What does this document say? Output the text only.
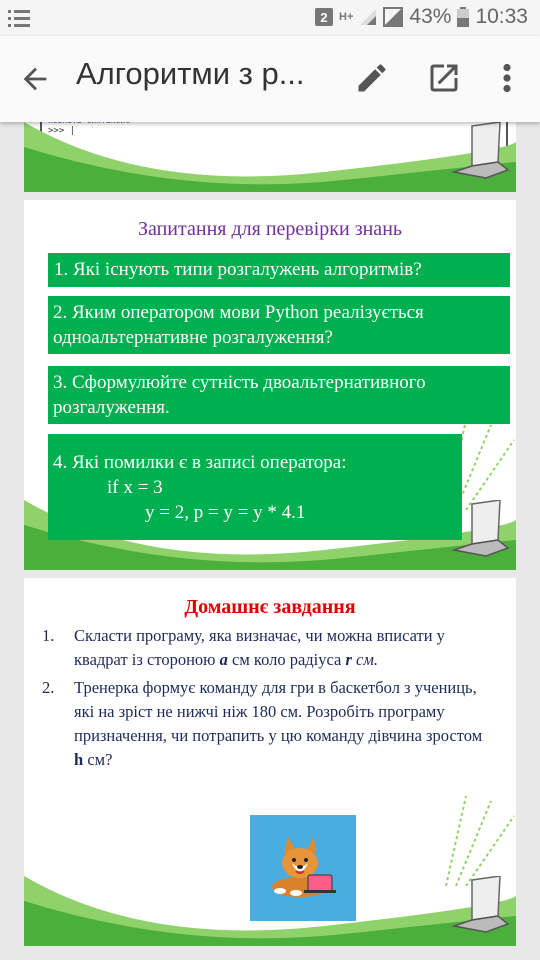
2	H+	43% 10:33
Алгоритми з р...
>>> |
Запитання для перевірки знань
1. Які існують типи розгалужень алгоритмів?
2. Яким оператором мови Python реалізується одноальтернативне розгалуження?
3. Сформулюйте сутність двоальтернативного розгалуження.
4. Які помилки є в записі оператора:
if x = 3
y = 2, p = y = y * 4.1
Домашнє завдання
1. Скласти програму, яка визначає, чи можна вписати у квадрат із стороною a см коло радіуса r см.
2. Тренерка формує команду для гри в баскетбол з учениць, які на зріст не нижчі ніж 180 см. Розробіть програму призначення, чи потрапить у цю команду дівчина зростом h см?
